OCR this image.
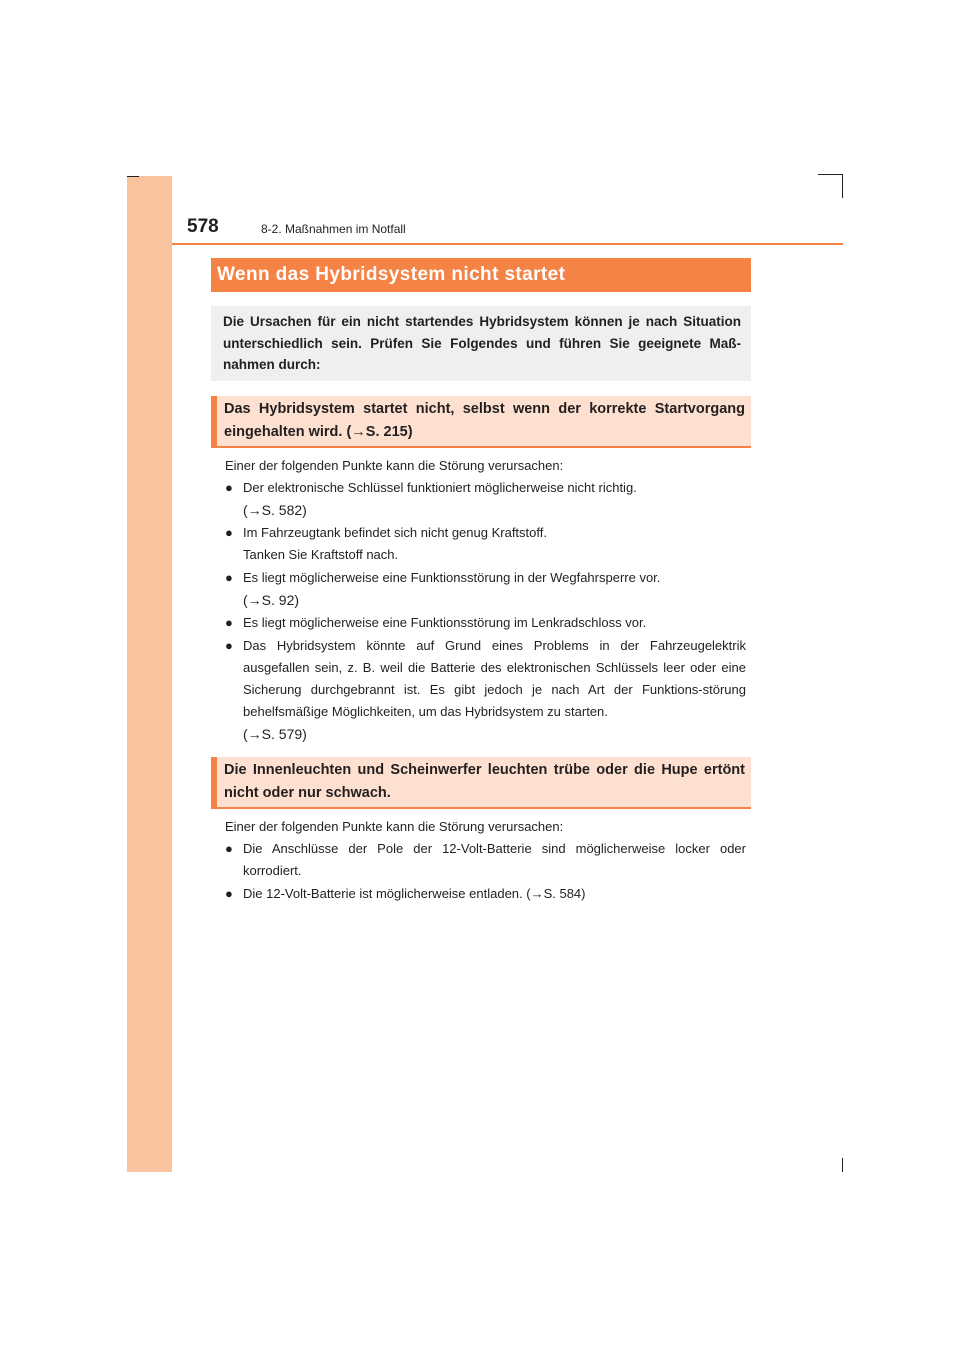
578	8-2. Maßnahmen im Notfall
Wenn das Hybridsystem nicht startet
Die Ursachen für ein nicht startendes Hybridsystem können je nach Situation unterschiedlich sein. Prüfen Sie Folgendes und führen Sie geeignete Maß-nahmen durch:
Das Hybridsystem startet nicht, selbst wenn der korrekte Startvorgang eingehalten wird. (→S. 215)

Einer der folgenden Punkte kann die Störung verursachen:

● Der elektronische Schlüssel funktioniert möglicherweise nicht richtig.
(→S. 582)
● Im Fahrzeugtank befindet sich nicht genug Kraftstoff.
Tanken Sie Kraftstoff nach.
● Es liegt möglicherweise eine Funktionsstörung in der Wegfahrsperre vor.
(→S. 92)
● Es liegt möglicherweise eine Funktionsstörung im Lenkradschloss vor.
● Das Hybridsystem könnte auf Grund eines Problems in der Fahrzeugelektrik ausgefallen sein, z. B. weil die Batterie des elektronischen Schlüssels leer oder eine Sicherung durchgebrannt ist. Es gibt jedoch je nach Art der Funktions-störung behelfsmäßige Möglichkeiten, um das Hybridsystem zu starten.
(→S. 579)
Die Innenleuchten und Scheinwerfer leuchten trübe oder die Hupe ertönt nicht oder nur schwach.

Einer der folgenden Punkte kann die Störung verursachen:

● Die Anschlüsse der Pole der 12-Volt-Batterie sind möglicherweise locker oder korrodiert.
● Die 12-Volt-Batterie ist möglicherweise entladen. (→S. 584)
